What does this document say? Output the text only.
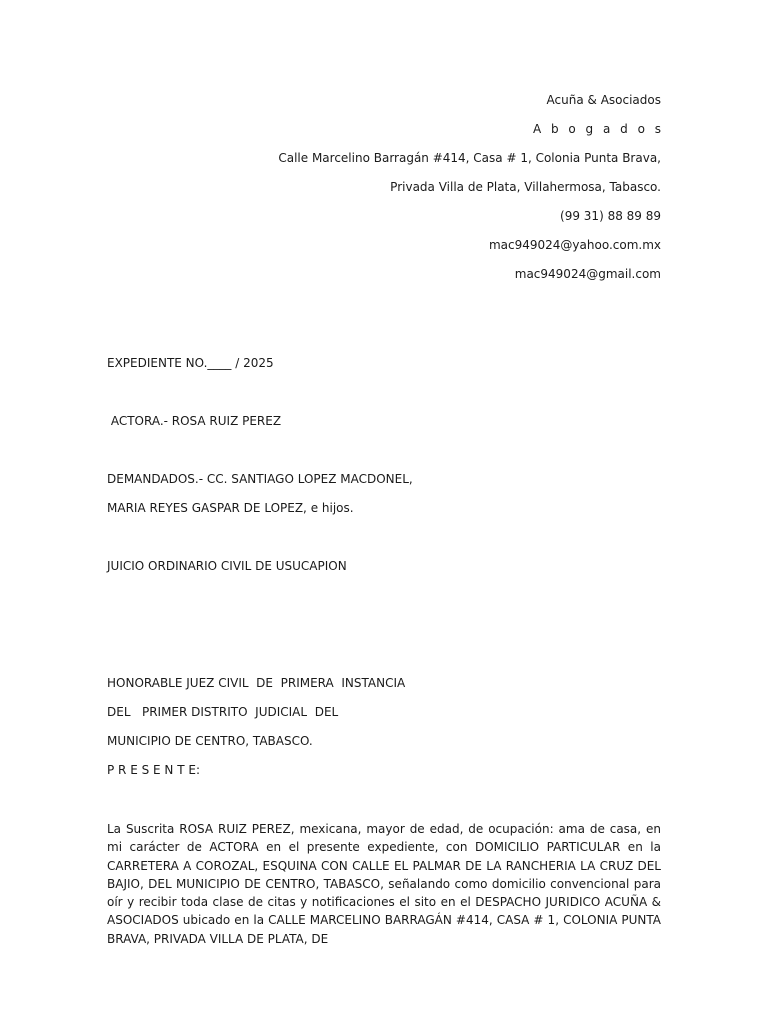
Acuña & Asociados
A b o g a d o s
Calle Marcelino Barragán #414, Casa # 1, Colonia Punta Brava,
Privada Villa de Plata, Villahermosa, Tabasco.
(99 31) 88 89 89
mac949024@yahoo.com.mx
mac949024@gmail.com
EXPEDIENTE NO.____ / 2025
ACTORA.- ROSA RUIZ PEREZ
DEMANDADOS.- CC. SANTIAGO LOPEZ MACDONEL,
MARIA REYES GASPAR DE LOPEZ, e hijos.
JUICIO ORDINARIO CIVIL DE USUCAPION
HONORABLE JUEZ CIVIL  DE  PRIMERA  INSTANCIA
DEL   PRIMER DISTRITO  JUDICIAL  DEL
MUNICIPIO DE CENTRO, TABASCO.
P R E S E N T E:
La Suscrita ROSA RUIZ PEREZ, mexicana, mayor de edad, de ocupación: ama de casa, en mi carácter de ACTORA en el presente expediente, con DOMICILIO PARTICULAR en la CARRETERA A COROZAL, ESQUINA CON CALLE EL PALMAR DE LA RANCHERIA LA CRUZ DEL BAJIO, DEL MUNICIPIO DE CENTRO, TABASCO, señalando como domicilio convencional para oír y recibir toda clase de citas y notificaciones el sito en el DESPACHO JURIDICO ACUÑA & ASOCIADOS ubicado en la CALLE MARCELINO BARRAGÁN #414, CASA # 1, COLONIA PUNTA BRAVA, PRIVADA VILLA DE PLATA, DE
